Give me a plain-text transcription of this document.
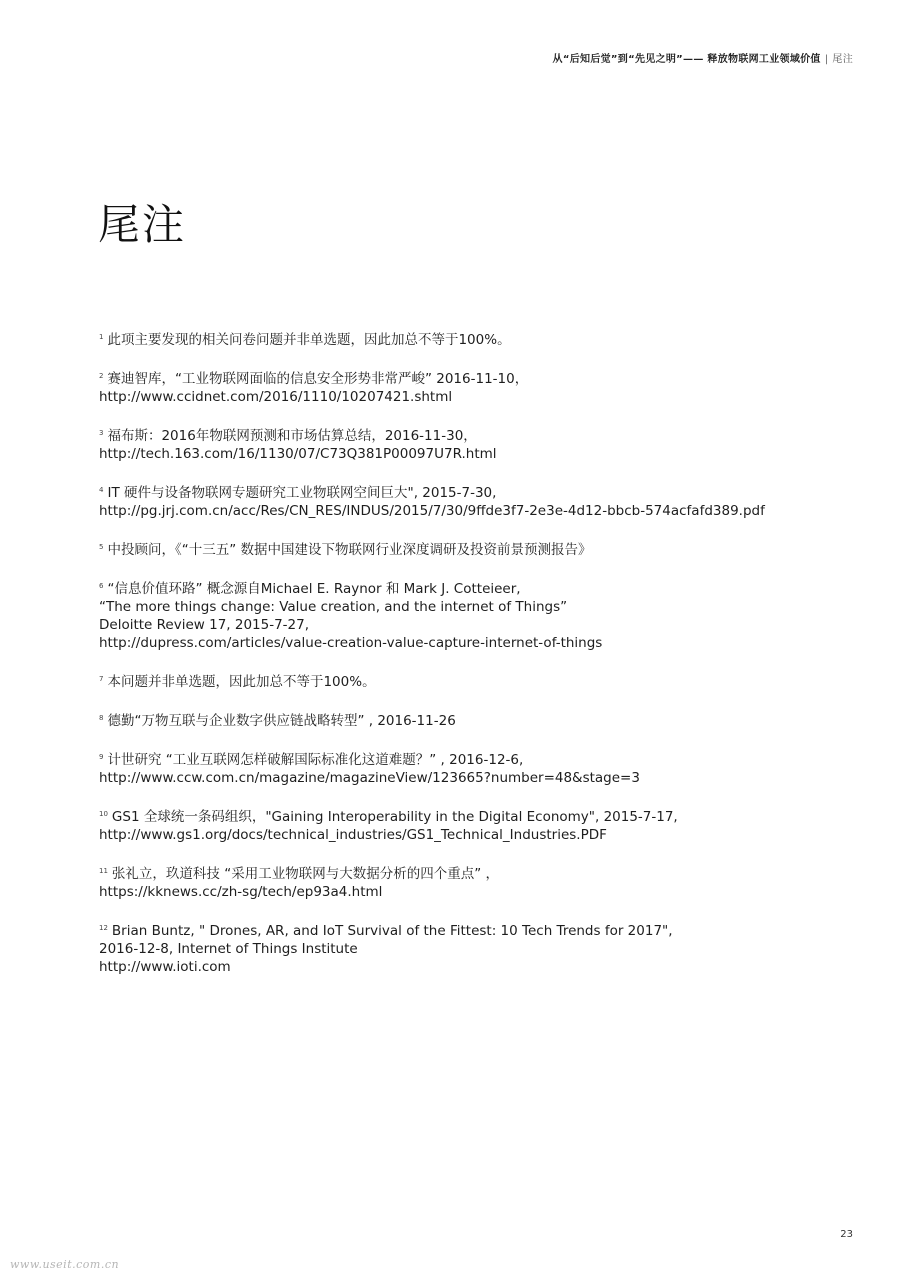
从“后知后觉”到“先见之明”—— 释放物联网工业领域价值 | 尾注
尾注
$^1$ 此项主要发现的相关问卷问题并非单选题，因此加总不等于100%。
$^2$ 赛迪智库，“工业物联网面临的信息安全形势非常严峻” 2016-11-10，
http://www.ccidnet.com/2016/1110/10207421.shtml
$^3$ 福布斯：2016年物联网预测和市场估算总结，2016-11-30，
http://tech.163.com/16/1130/07/C73Q381P00097U7R.html
$^4$ IT 硬件与设备物联网专题研究工业物联网空间巨大", 2015-7-30,
http://pg.jrj.com.cn/acc/Res/CN_RES/INDUS/2015/7/30/9ffde3f7-2e3e-4d12-bbcb-574acfafd389.pdf
$^5$ 中投顾问，《“十三五” 数据中国建设下物联网行业深度调研及投资前景预测报告》
$^6$ “信息价值环路” 概念源自Michael E. Raynor 和 Mark J. Cotteieer,
“The more things change: Value creation, and the internet of Things”
Deloitte Review 17, 2015-7-27,
http://dupress.com/articles/value-creation-value-capture-internet-of-things
$^7$ 本问题并非单选题，因此加总不等于100%。
$^8$ 德勤“万物互联与企业数字供应链战略转型” , 2016-11-26
$^9$ 计世研究 “工业互联网怎样破解国际标准化这道难题？” , 2016-12-6,
http://www.ccw.com.cn/magazine/magazineView/123665?number=48&stage=3
$^{10}$ GS1 全球统一条码组织，"Gaining Interoperability in the Digital Economy", 2015-7-17,
http://www.gs1.org/docs/technical_industries/GS1_Technical_Industries.PDF
$^{11}$ 张礼立，玖道科技 “采用工业物联网与大数据分析的四个重点” ，
https://kknews.cc/zh-sg/tech/ep93a4.html
$^{12}$ Brian Buntz, " Drones, AR, and IoT Survival of the Fittest: 10 Tech Trends for 2017",
2016-12-8, Internet of Things Institute
http://www.ioti.com
23
www.useit.com.cn
